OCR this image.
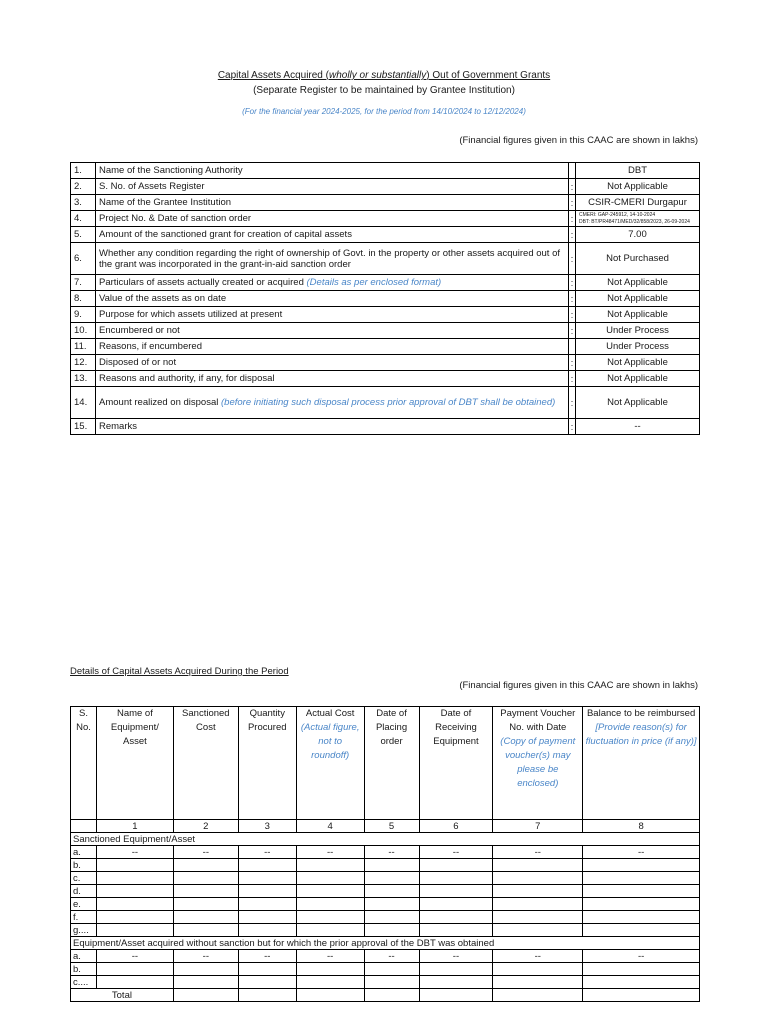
Capital Assets Acquired (wholly or substantially) Out of Government Grants
(Separate Register to be maintained by Grantee Institution)
(For the financial year 2024-2025, for the period from 14/10/2024 to 12/12/2024)
(Financial figures given in this CAAC are shown in lakhs)
1.	Name of the Sanctioning Authority		DBT
2.	S. No. of Assets Register	:	Not Applicable
3.	Name of the Grantee Institution	:	CSIR-CMERI Durgapur
4.	Project No. & Date of sanction order	:	CMERI: GAP-245912, 14-10-2024
DBT: BT/PR48471/MED/32/858/2023, 26-09-2024

5.	Amount of the sanctioned grant for creation of capital assets	:	7.00
6.	Whether any condition regarding the right of ownership of Govt. in the property or other assets acquired out of the grant was incorporated in the grant-in-aid sanction order	:	Not Purchased
7.	Particulars of assets actually created or acquired (Details as per enclosed format)	:	Not Applicable
8.	Value of the assets as on date	:	Not Applicable
9.	Purpose for which assets utilized at present	:	Not Applicable
10.	Encumbered or not	:	Under Process
11.	Reasons, if encumbered		Under Process
12.	Disposed of or not	:	Not Applicable
13.	Reasons and authority, if any, for disposal	:	Not Applicable
14.	Amount realized on disposal (before initiating such disposal process prior approval of DBT shall be obtained)	:	Not Applicable
15.	Remarks	:	--
Details of Capital Assets Acquired During the Period
(Financial figures given in this CAAC are shown in lakhs)
S. No.	Name of Equipment/ Asset	Sanctioned Cost	Quantity Procured	Actual Cost (Actual figure, not to roundoff)	Date of Placing order	Date of Receiving Equipment	Payment Voucher No. with Date (Copy of payment voucher(s) may please be enclosed)	Balance to be reimbursed [Provide reason(s) for fluctuation in price (if any)]
	1	2	3	4	5	6	7	8
Sanctioned Equipment/Asset								
a.	--	--	--	--	--	--	--	--
b.								
c.								
d.								
e.								
f.								
g....								
Equipment/Asset acquired without sanction but for which the prior approval of the DBT was obtained								
a.	--	--	--	--	--	--	--	--
b.								
c....								
Total								
